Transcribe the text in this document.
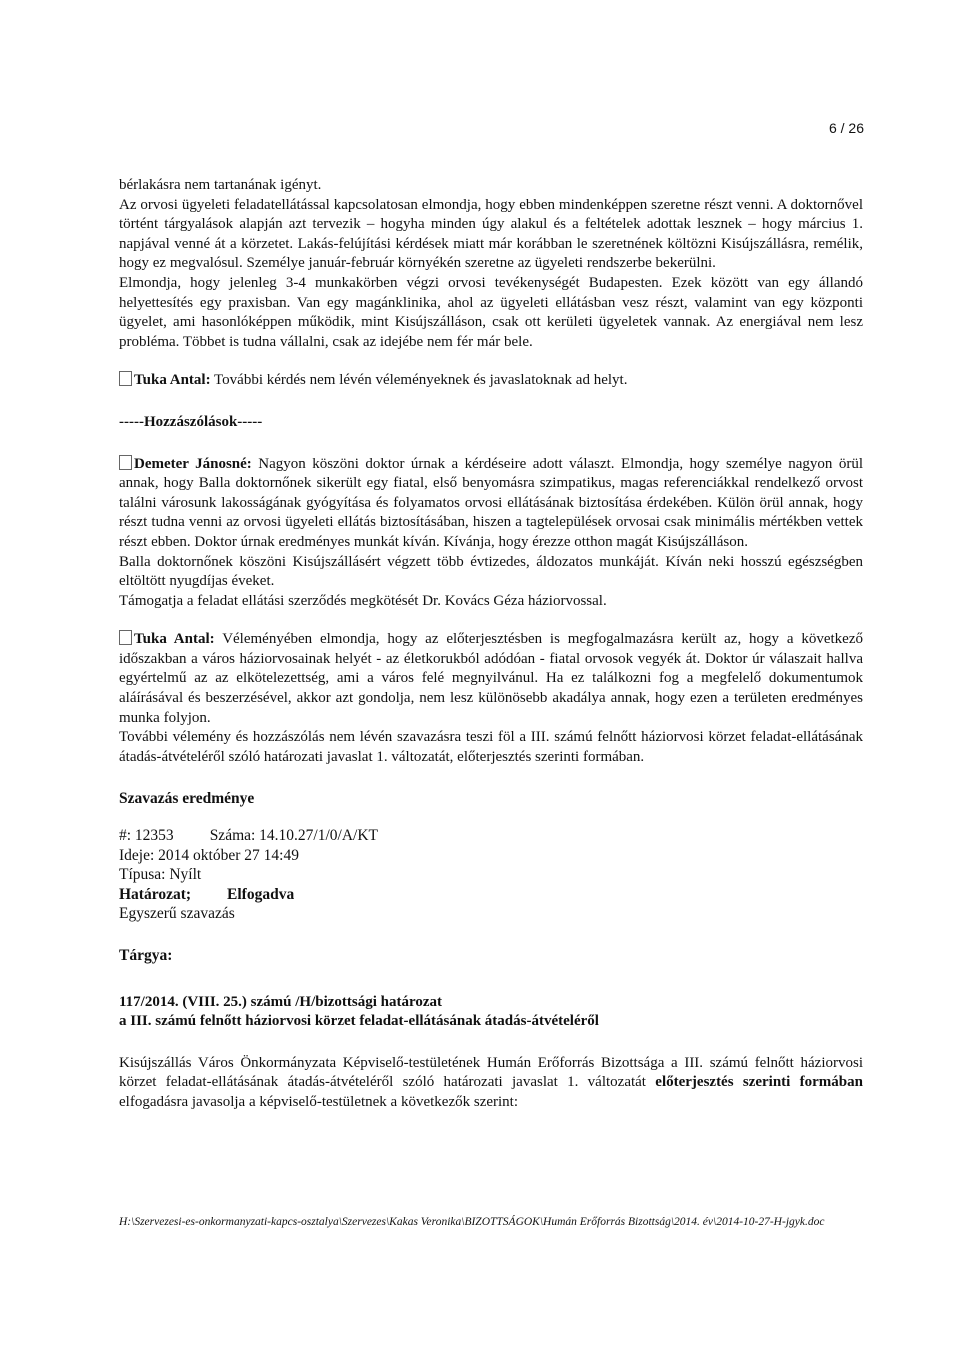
6 / 26

bérlakásra nem tartanának igényt.

Az orvosi ügyeleti feladatellátással kapcsolatosan elmondja, hogy ebben mindenképpen szeretne részt venni. A doktornővel történt tárgyalások alapján azt tervezik – hogyha minden úgy alakul és a feltételek adottak lesznek – hogy március 1. napjával venné át a körzetet. Lakás-felújítási kérdések miatt már korábban le szeretnének költözni Kisújszállásra, remélik, hogy ez megvalósul. Személye január-február környékén szeretne az ügyeleti rendszerbe bekerülni.

Elmondja, hogy jelenleg 3-4 munkakörben végzi orvosi tevékenységét Budapesten. Ezek között van egy állandó helyettesítés egy praxisban. Van egy magánklinika, ahol az ügyeleti ellátásban vesz részt, valamint van egy központi ügyelet, ami hasonlóképpen működik, mint Kisújszálláson, csak ott kerületi ügyeletek vannak. Az energiával nem lesz probléma. Többet is tudna vállalni, csak az idejébe nem fér már bele.

Tuka Antal: További kérdés nem lévén véleményeknek és javaslatoknak ad helyt.

-----Hozzászólások-----

Demeter Jánosné: Nagyon köszöni doktor úrnak a kérdéseire adott választ. Elmondja, hogy személye nagyon örül annak, hogy Balla doktornőnek sikerült egy fiatal, első benyomásra szimpatikus, magas referenciákkal rendelkező orvost találni városunk lakosságának gyógyítása és folyamatos orvosi ellátásának biztosítása érdekében. Külön örül annak, hogy részt tudna venni az orvosi ügyeleti ellátás biztosításában, hiszen a tagtelepülések orvosai csak minimális mértékben vettek részt ebben. Doktor úrnak eredményes munkát kíván. Kívánja, hogy érezze otthon magát Kisújszálláson.

Balla doktornőnek köszöni Kisújszállásért végzett több évtizedes, áldozatos munkáját. Kíván neki hosszú egészségben eltöltött nyugdíjas éveket.

Támogatja a feladat ellátási szerződés megkötését Dr. Kovács Géza háziorvossal.

Tuka Antal: Véleményében elmondja, hogy az előterjesztésben is megfogalmazásra került az, hogy a következő időszakban a város háziorvosainak helyét - az életkorukból adódóan - fiatal orvosok vegyék át. Doktor úr válaszait hallva egyértelmű az az elkötelezettség, ami a város felé megnyilvánul. Ha ez találkozni fog a megfelelő dokumentumok aláírásával és beszerzésével, akkor azt gondolja, nem lesz különösebb akadálya annak, hogy ezen a területen eredményes munka folyjon.

További vélemény és hozzászólás nem lévén szavazásra teszi föl a III. számú felnőtt háziorvosi körzet feladat-ellátásának átadás-átvételéről szóló határozati javaslat 1. változatát, előterjesztés szerinti formában.

Szavazás eredménye

#: 12353 Száma: 14.10.27/1/0/A/KT

Ideje: 2014 október 27 14:49

Típusa: Nyílt

Határozat; Elfogadva

Egyszerű szavazás

Tárgya:

117/2014. (VIII. 25.) számú /H/bizottsági határozat

a III. számú felnőtt háziorvosi körzet feladat-ellátásának átadás-átvételéről

Kisújszállás Város Önkormányzata Képviselő-testületének Humán Erőforrás Bizottsága a III. számú felnőtt háziorvosi körzet feladat-ellátásának átadás-átvételéről szóló határozati javaslat 1. változatát előterjesztés szerinti formában elfogadásra javasolja a képviselő-testületnek a következők szerint:

H:\Szervezesi-es-onkormanyzati-kapcs-osztalya\Szervezes\Kakas Veronika\BIZOTTSÁGOK\Humán Erőforrás Bizottság\2014. év\2014-10-27-H-jgyk.doc
